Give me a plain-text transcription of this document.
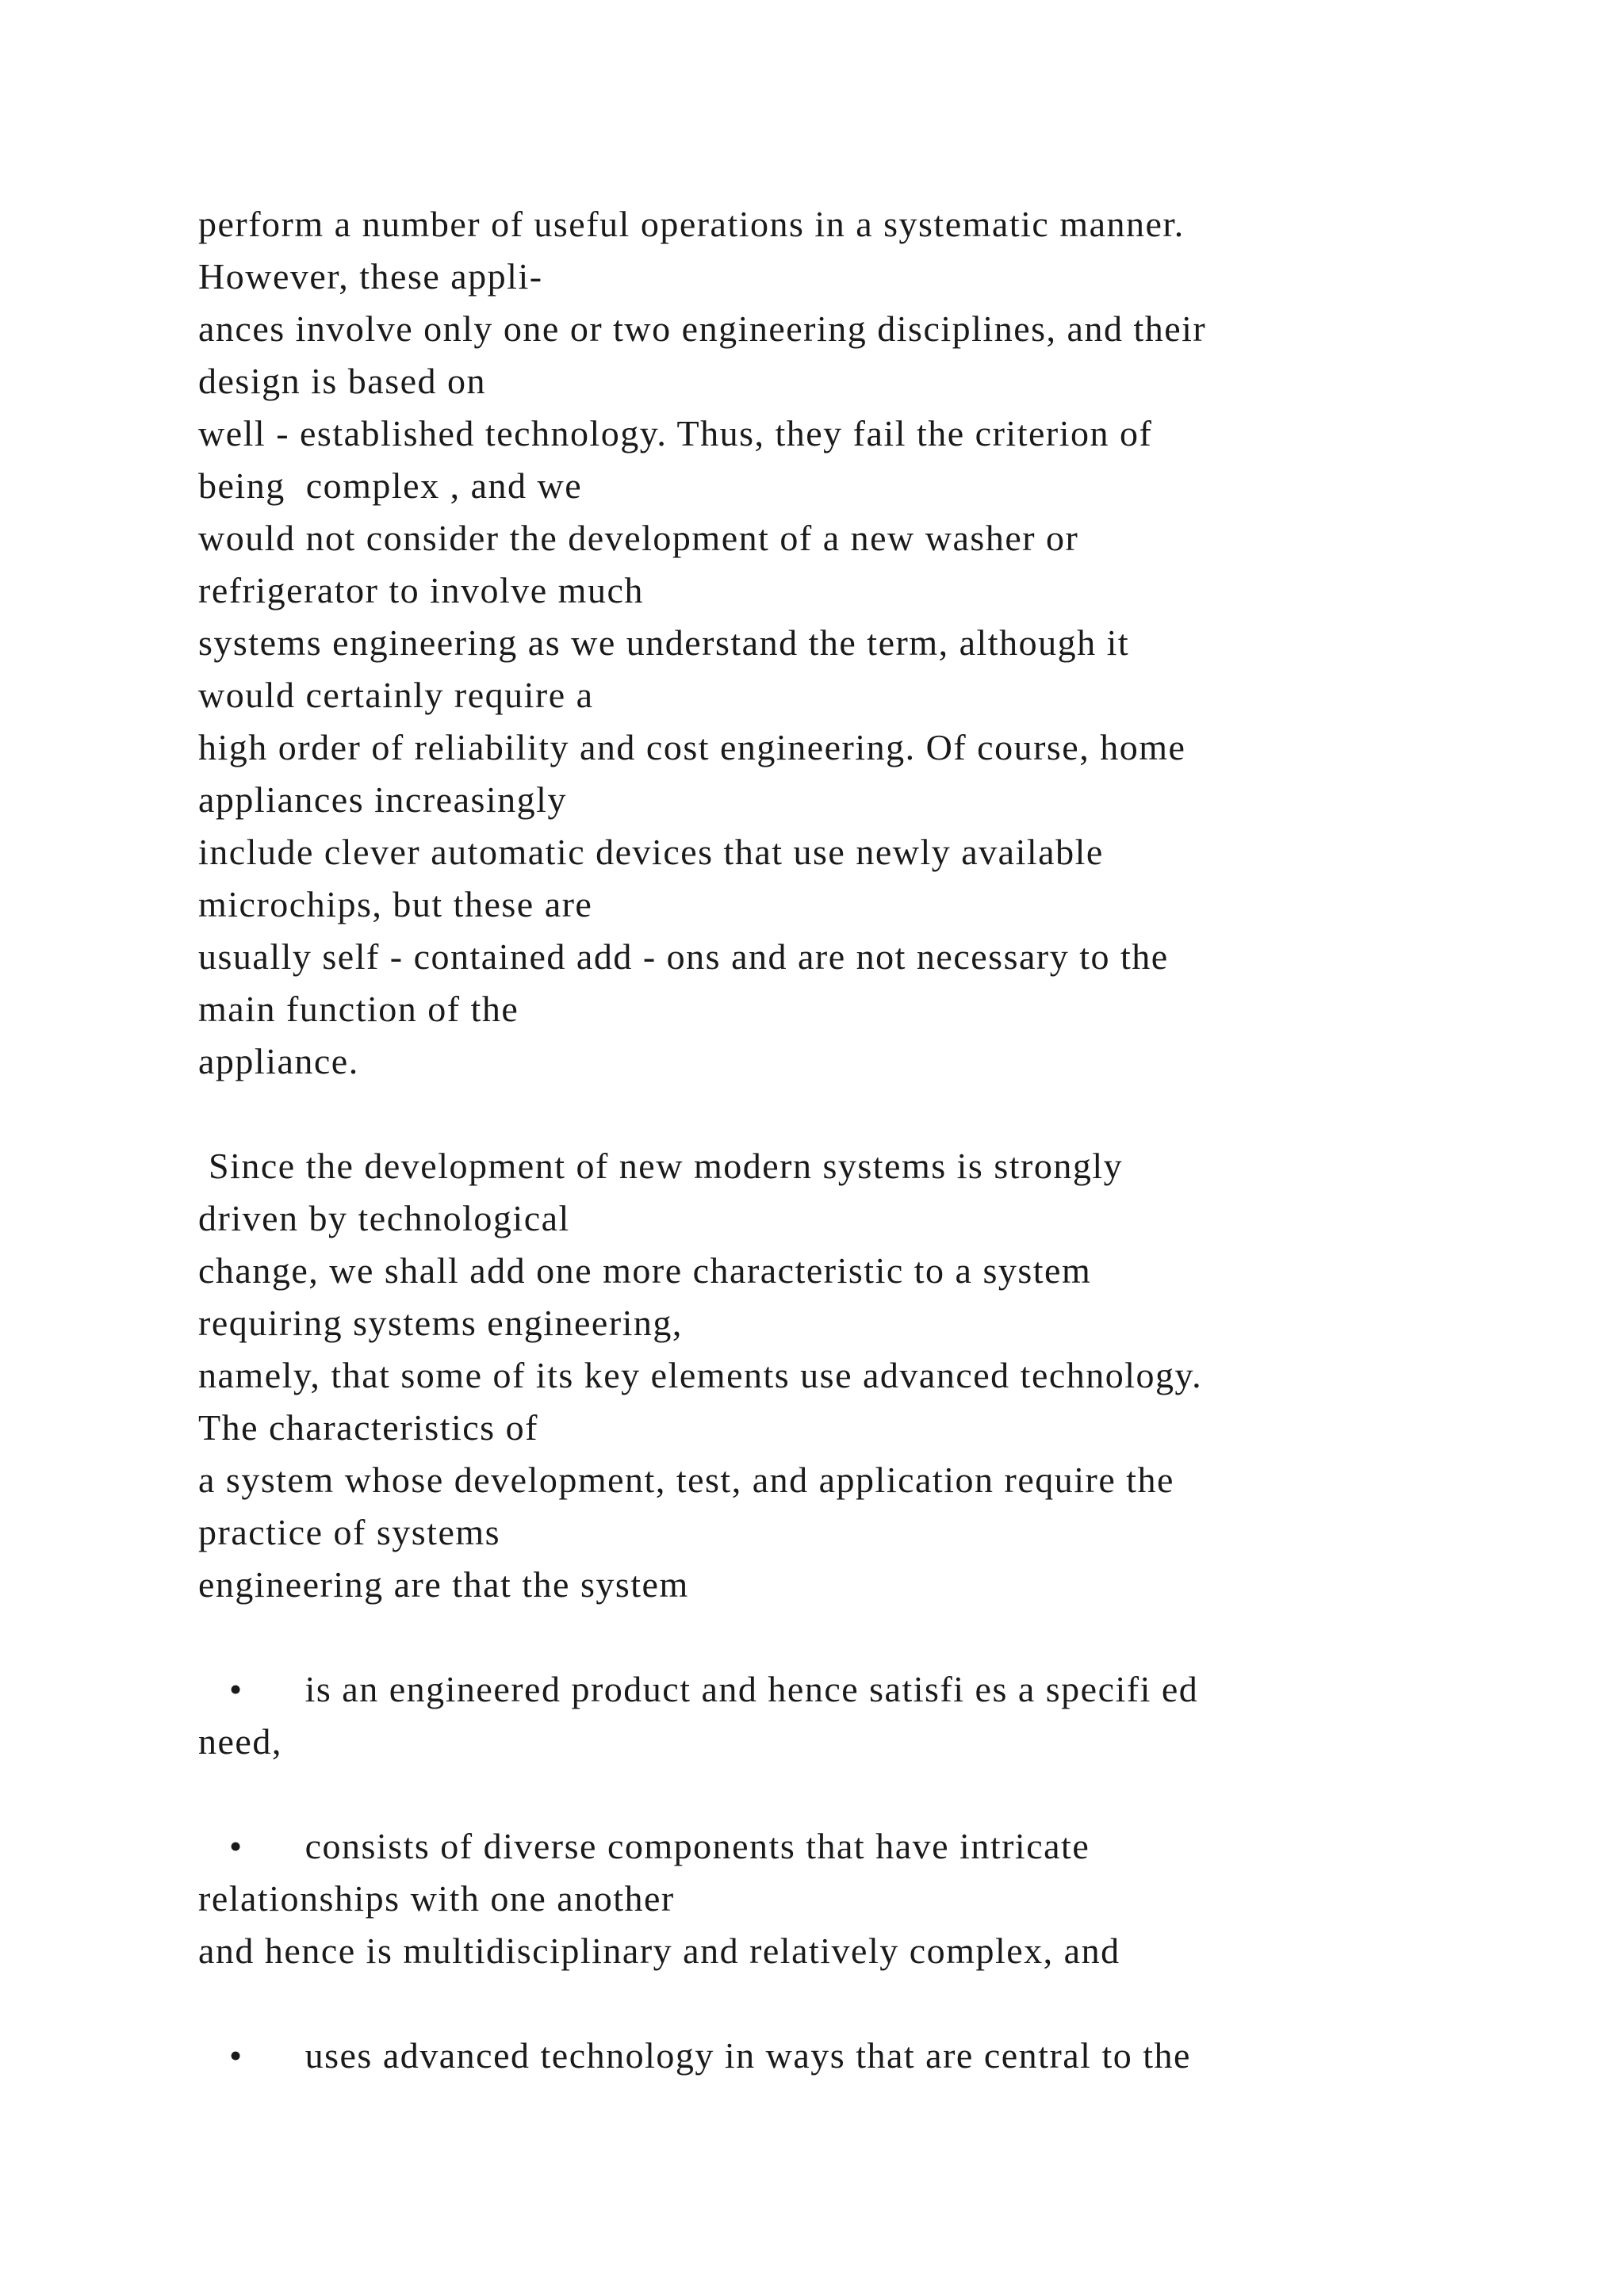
perform a number of useful operations in a systematic manner.
However, these appli-
ances involve only one or two engineering disciplines, and their
design is based on
well - established technology. Thus, they fail the criterion of
being  complex , and we
would not consider the development of a new washer or
refrigerator to involve much
systems engineering as we understand the term, although it
would certainly require a
high order of reliability and cost engineering. Of course, home
appliances increasingly
include clever automatic devices that use newly available
microchips, but these are
usually self - contained add - ons and are not necessary to the
main function of the
appliance.
Since the development of new modern systems is strongly
driven by technological
change, we shall add one more characteristic to a system
requiring systems engineering,
namely, that some of its key elements use advanced technology.
The characteristics of
a system whose development, test, and application require the
practice of systems
engineering are that the system
•      is an engineered product and hence satisfi es a specifi ed
need,
•      consists of diverse components that have intricate
relationships with one another
and hence is multidisciplinary and relatively complex, and
•      uses advanced technology in ways that are central to the
